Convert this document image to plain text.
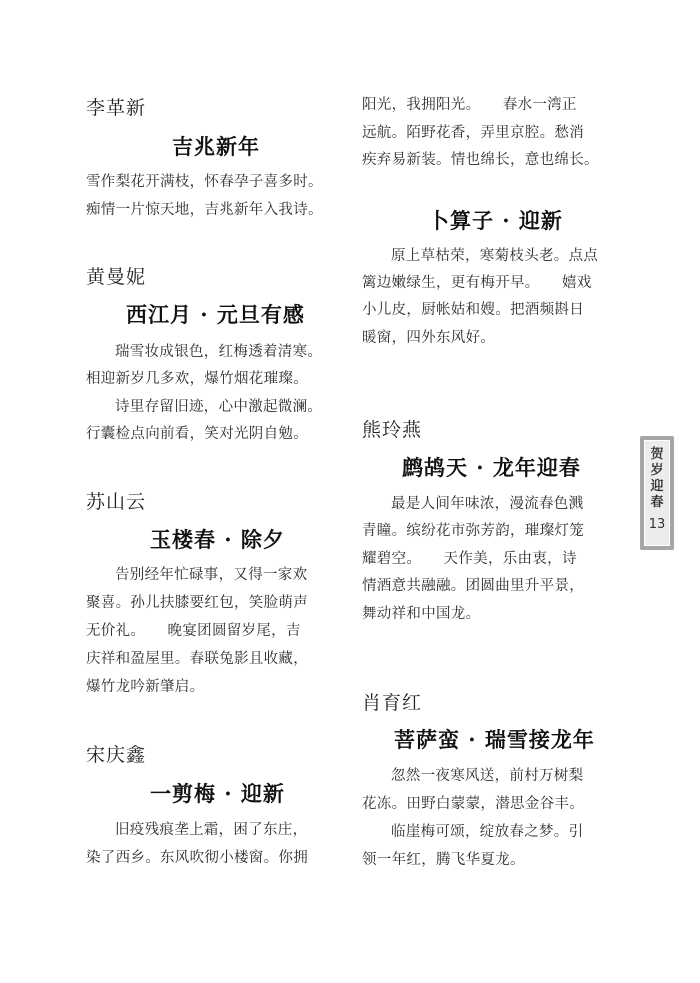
李革新

吉兆新年

雪作梨花开满枝，怀春孕子喜多时。

痴情一片惊天地，吉兆新年入我诗。

黄曼妮

西江月 · 元旦有感

瑞雪妆成银色，红梅透着清寒。

相迎新岁几多欢，爆竹烟花璀璨。

诗里存留旧迹，心中激起微澜。

行囊检点向前看，笑对光阴自勉。

苏山云

玉楼春 · 除夕

告别经年忙碌事，又得一家欢

聚喜。孙儿扶膝要红包，笑脸萌声

无价礼。　　晚宴团圆留岁尾，吉

庆祥和盈屋里。春联兔影且收藏，

爆竹龙吟新肇启。

宋庆鑫

一剪梅 · 迎新

旧疫残痕垄上霜，困了东庄，

染了西乡。东风吹彻小楼窗。你拥

阳光，我拥阳光。　　春水一湾正

远航。陌野花香，弄里京腔。愁消

疾弃易新装。情也绵长，意也绵长。

卜算子 · 迎新

原上草枯荣，寒菊枝头老。点点

篱边嫩绿生，更有梅开早。　　嬉戏

小儿皮，厨帐姑和嫂。把酒频斟日

暖窗，四外东风好。

熊玲燕

鹧鸪天 · 龙年迎春

最是人间年味浓，漫流春色溅

青瞳。缤纷花市弥芳韵，璀璨灯笼

耀碧空。　　天作美，乐由衷，诗

情酒意共融融。团圆曲里升平景，

舞动祥和中国龙。

肖育红

菩萨蛮 · 瑞雪接龙年

忽然一夜寒风送，前村万树梨

花冻。田野白蒙蒙，潜思金谷丰。

临崖梅可颂，绽放春之梦。引

领一年红，腾飞华夏龙。

贺
岁
迎
春
13
